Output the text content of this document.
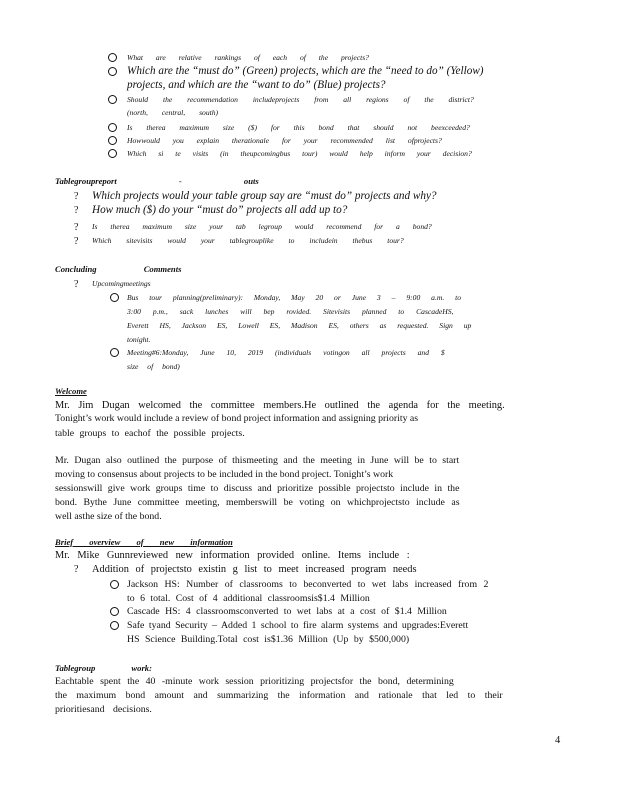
What are relative rankings of each of the projects?
Which are the “must do” (Green) projects, which are the “need to do” (Yellow)
projects, and which are the “want to do” (Blue) projects?
Should the recommendation includeprojects from all regions of the district?
(north, central, south)
Is thereа maximum size ($) for this bond that should not beexceeded?
Howwould you explain therationale for your recommended list ofprojects?
Which si te visits (in theupcomingbus tour) would help inform your decision?
Tablegroupreport - outs
? Which projects would your table group say are “must do” projects and why?
? How much ($) do your “must do” projects all add up to?
? Is thereа maximum size your tab legroup would recommend for a bond?
? Which sitevisits would your tablegrouplike to includein thebus tour?
Concluding Comments
? Upcomingmeetings
Bus tour planning(preliminary): Monday, May 20 or June 3 – 9:00 a.m. to
3:00 p.m., sack lunches will beр rovided. Sitevisits planned to CascadeHS,
Everett HS, Jackson ES, Lowell ES, Madison ES, others as requested. Sign up
tonight.
Meeting#6:Monday, June 10, 2019 (individuals votingon all projects and $
size of bond)
Welcome
Mr. Jim Dugan welcomed the committee members.He outlined the agenda for the meeting.
Tonight’s work would include a review of bond project information and assigning priority as
table groups to eachof the possible projects.
Mr. Dugan also outlined the purpose of thismeeting and the meeting in June will be to start
moving to consensus about projects to be included in the bond project. Tonight’s work
sessionswill give work groups time to discuss and prioritize possible projectsto include in the
bond. Bythe June committee meeting, memberswill be voting on whichprojectsto include as
well asthe size of the bond.
Brief overview of new information
Mr. Mike Gunnreviewed new information provided online. Items include :
? Addition of projectsto existin g list to meet increased program needs
Jackson HS: Number of classrooms to beconverted to wet labs increased from 2
to 6 total. Cost of 4 additional classroomsis$1.4 Million
Cascade HS: 4 classroomsconverted to wet labs at a cost of $1.4 Million
Safe tyand Security – Added 1 school to fire alarm systems and upgrades:Everett
HS Science Building.Total cost is$1.36 Million (Up by $500,000)
Tablegroup work:
Eachtable spent the 40 -minute work session prioritizing projectsfor the bond, determining
the maximum bond amount and summarizing the information and rationale that led to their
prioritiesand decisions.
4
